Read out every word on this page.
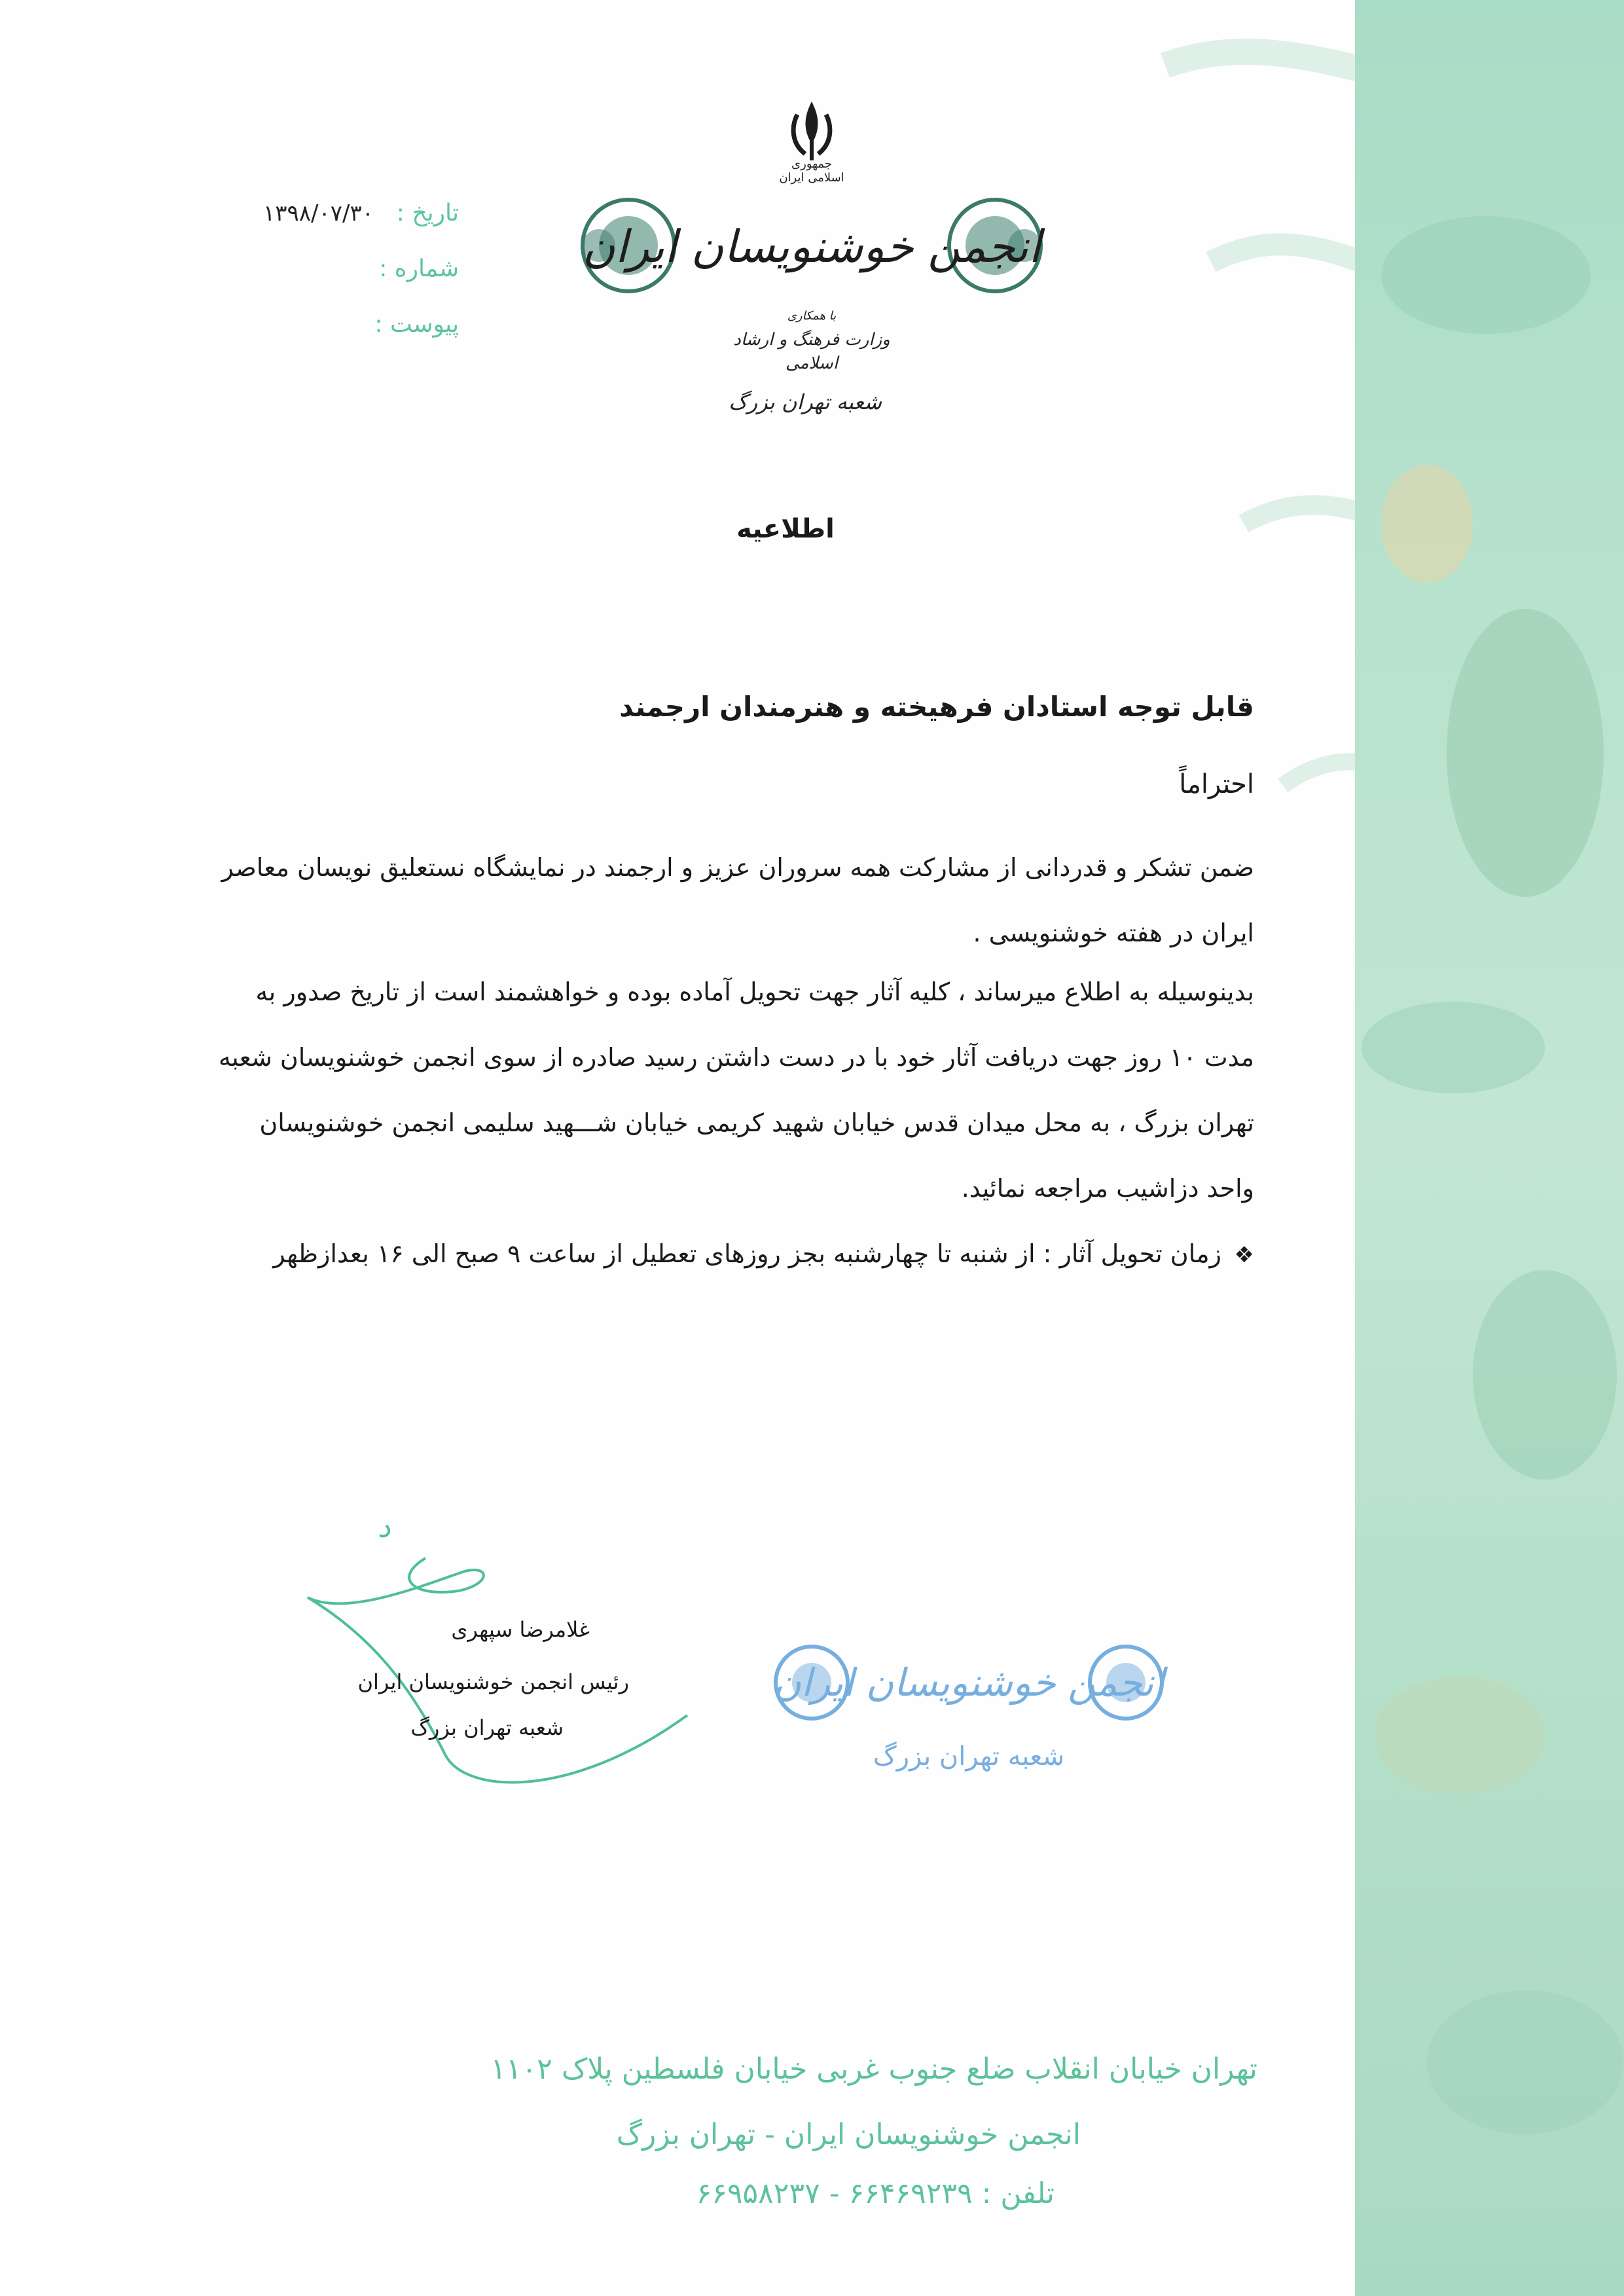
جمهوری اسلامی ایران
انجمن خوشنویسان ایران
با همکاری
وزارت فرهنگ و ارشاد اسلامی
شعبه تهران بزرگ
تاریخ :
۱۳۹۸/۰۷/۳۰
شماره :
پیوست :
اطلاعیه
قابل توجه استادان فرهیخته و هنرمندان ارجمند
احتراماً
ضمن تشکر و قدردانی از مشارکت همه سروران عزیز و ارجمند در نمایشگاه نستعلیق نویسان معاصر ایران در هفته خوشنویسی .
بدینوسیله به اطلاع میرساند ، کلیه آثار جهت تحویل آماده بوده و خواهشمند است از تاریخ صدور به مدت ۱۰ روز جهت دریافت آثار خود با در دست داشتن رسید صادره از سوی انجمن خوشنویسان شعبه تهران بزرگ ، به محل میدان قدس خیابان شهید کریمی خیابان شـــهید سلیمی انجمن خوشنویسان واحد دزاشیب مراجعه نمائید.
❖زمان تحویل آثار : از شنبه تا چهارشنبه بجز روزهای تعطیل از ساعت ۹ صبح الی ۱۶ بعدازظهر
غلامرضا سپهری
رئیس انجمن خوشنویسان ایران
شعبه تهران بزرگ
انجمن خوشنویسان ایران
شعبه تهران بزرگ
تهران خیابان انقلاب ضلع جنوب غربی خیابان فلسطین پلاک ۱۱۰۲
انجمن خوشنویسان ایران - تهران بزرگ
تلفن : ۶۶۴۶۹۲۳۹ - ۶۶۹۵۸۲۳۷
